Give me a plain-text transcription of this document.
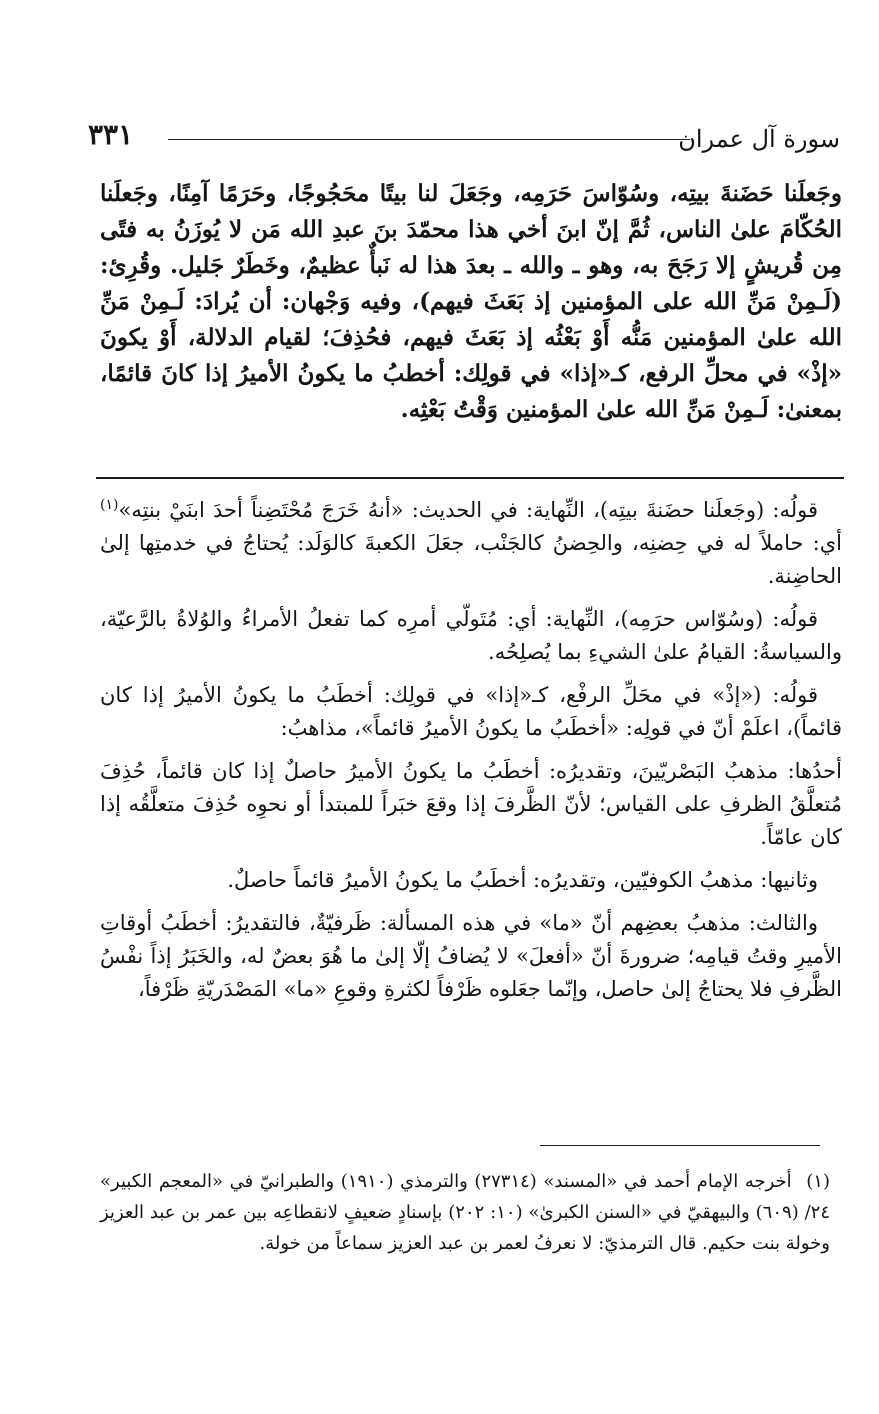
سورة آل عمران
٣٣١
وجَعلَنا حَضَنةَ بيتِه، وسُوّاسَ حَرَمِه، وجَعَلَ لنا بيتًا محَجُوجًا، وحَرَمًا آمِنًا، وجَعلَنا الحُكّامَ علىٰ الناس، ثُمَّ إنّ ابنَ أخي هذا محمّدَ بنَ عبدِ الله مَن لا يُوزَنُ به فتًى مِن قُريشٍ إلا رَجَحَ به، وهو ـ والله ـ بعدَ هذا له نَبأٌ عظيمٌ، وخَطَرٌ جَليل. وقُرِئ: (لَـمِنْ مَنِّ الله على المؤمنين إذ بَعَثَ فيهم)، وفيه وَجْهان: أن يُرادَ: لَـمِنْ مَنِّ الله علىٰ المؤمنين مَنُّه أَوْ بَعْثُه إذ بَعَثَ فيهم، فحُذِفَ؛ لقيام الدلالة، أَوْ يكونَ «إذْ» في محلِّ الرفع، كـ«إذا» في قولِك: أخطبُ ما يكونُ الأميرُ إذا كانَ قائمًا، بمعنىٰ: لَـمِنْ مَنِّ الله علىٰ المؤمنين وَقْتُ بَعْثِه.

قولُه: (وجَعلَنا حضَنةَ بيتِه)، النِّهاية: في الحديث: «أنهُ خَرَجَ مُحْتَضِناً أحدَ ابنَيْ بنتِه»$^{(١)}$ أي: حاملاً له في حِضنِه، والحِضنُ كالجَنْب، جعَلَ الكعبةَ كالوَلَد: يُحتاجُ في خدمتِها إلىٰ الحاضِنة.

قولُه: (وسُوّاس حرَمِه)، النِّهاية: أي: مُتَولّي أمرِه كما تفعلُ الأمراءُ والوُلاةُ بالرَّعيّة، والسياسةُ: القيامُ علىٰ الشيءِ بما يُصلِحُه.

قولُه: («إذْ» في محَلِّ الرفْع، كـ«إذا» في قولِك: أخطَبُ ما يكونُ الأميرُ إذا كان قائماً)، اعلَمْ أنّ في قولِه: «أخطَبُ ما يكونُ الأميرُ قائماً»، مذاهبُ:

أحدُها: مذهبُ البَصْريّينَ، وتقديرُه: أخطَبُ ما يكونُ الأميرُ حاصلٌ إذا كان قائماً، حُذِفَ مُتعلَّقُ الظرفِ على القياس؛ لأنّ الظَّرفَ إذا وقعَ خبَراً للمبتدأ أو نحوِه حُذِفَ متعلَّقُه إذا كان عامّاً.

وثانيها: مذهبُ الكوفيّين، وتقديرُه: أخطَبُ ما يكونُ الأميرُ قائماً حاصلٌ.

والثالث: مذهبُ بعضِهم أنّ «ما» في هذه المسألة: ظَرفيّةٌ، فالتقديرُ: أخطَبُ أوقاتِ الأميرِ وقتُ قيامِه؛ ضرورةَ أنّ «أفعلَ» لا يُضافُ إلّا إلىٰ ما هُوَ بعضٌ له، والخَبَرُ إذاً نفْسُ الظَّرفِ فلا يحتاجُ إلىٰ حاصل، وإنّما جعَلوه ظَرْفاً لكثرةِ وقوعِ «ما» المَصْدَريّةِ ظَرْفاً،

(١) أخرجه الإمام أحمد في «المسند» (٢٧٣١٤) والترمذي (١٩١٠) والطبرانيّ في «المعجم الكبير» ٢٤/ (٦٠٩) والبيهقيّ في «السنن الكبرىٰ» (١٠: ٢٠٢) بإسنادٍ ضعيفٍ لانقطاعِه بين عمر بن عبد العزيز وخولة بنت حكيم. قال الترمذيّ: لا نعرفُ لعمر بن عبد العزيز سماعاً من خولة.
